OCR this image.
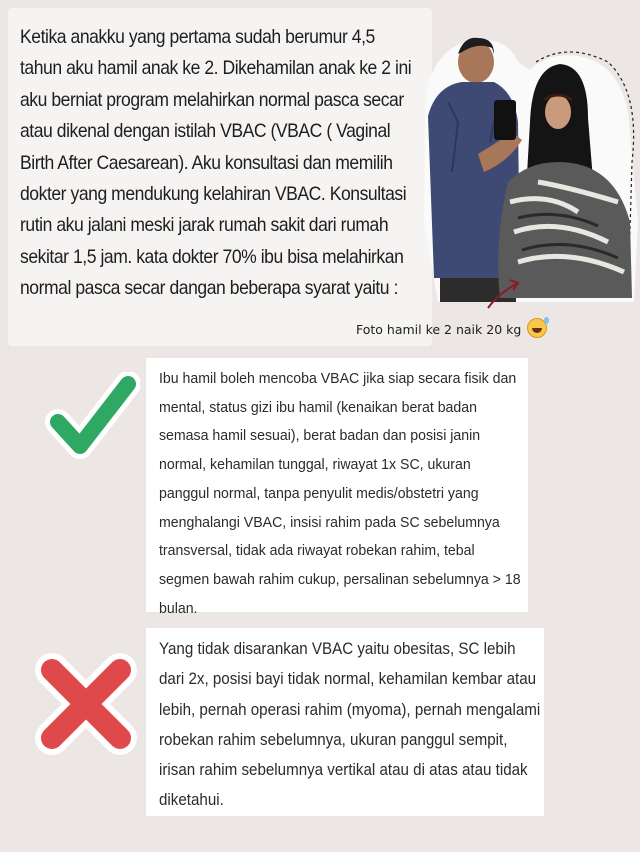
Ketika anakku yang pertama sudah berumur 4,5 tahun aku hamil anak ke 2. Dikehamilan anak ke 2 ini aku berniat program melahirkan normal pasca secar atau dikenal dengan istilah VBAC (VBAC ( Vaginal Birth After Caesarean). Aku konsultasi dan memilih dokter yang mendukung kelahiran VBAC. Konsultasi rutin aku jalani meski jarak rumah sakit dari rumah sekitar 1,5 jam. kata dokter 70% ibu bisa melahirkan normal pasca secar dangan beberapa syarat yaitu :

Foto hamil ke 2 naik 20 kg

Ibu hamil boleh mencoba VBAC jika siap secara fisik dan mental, status gizi ibu hamil (kenaikan berat badan semasa hamil sesuai), berat badan dan posisi janin normal, kehamilan tunggal, riwayat 1x SC, ukuran panggul normal, tanpa penyulit medis/obstetri yang menghalangi VBAC, insisi rahim pada SC sebelumnya transversal, tidak ada riwayat robekan rahim, tebal segmen bawah rahim cukup, persalinan sebelumnya > 18 bulan.

Yang tidak disarankan VBAC yaitu obesitas, SC lebih dari 2x, posisi bayi tidak normal, kehamilan kembar atau lebih, pernah operasi rahim (myoma), pernah mengalami robekan rahim sebelumnya, ukuran panggul sempit, irisan rahim sebelumnya vertikal atau di atas atau tidak diketahui.
